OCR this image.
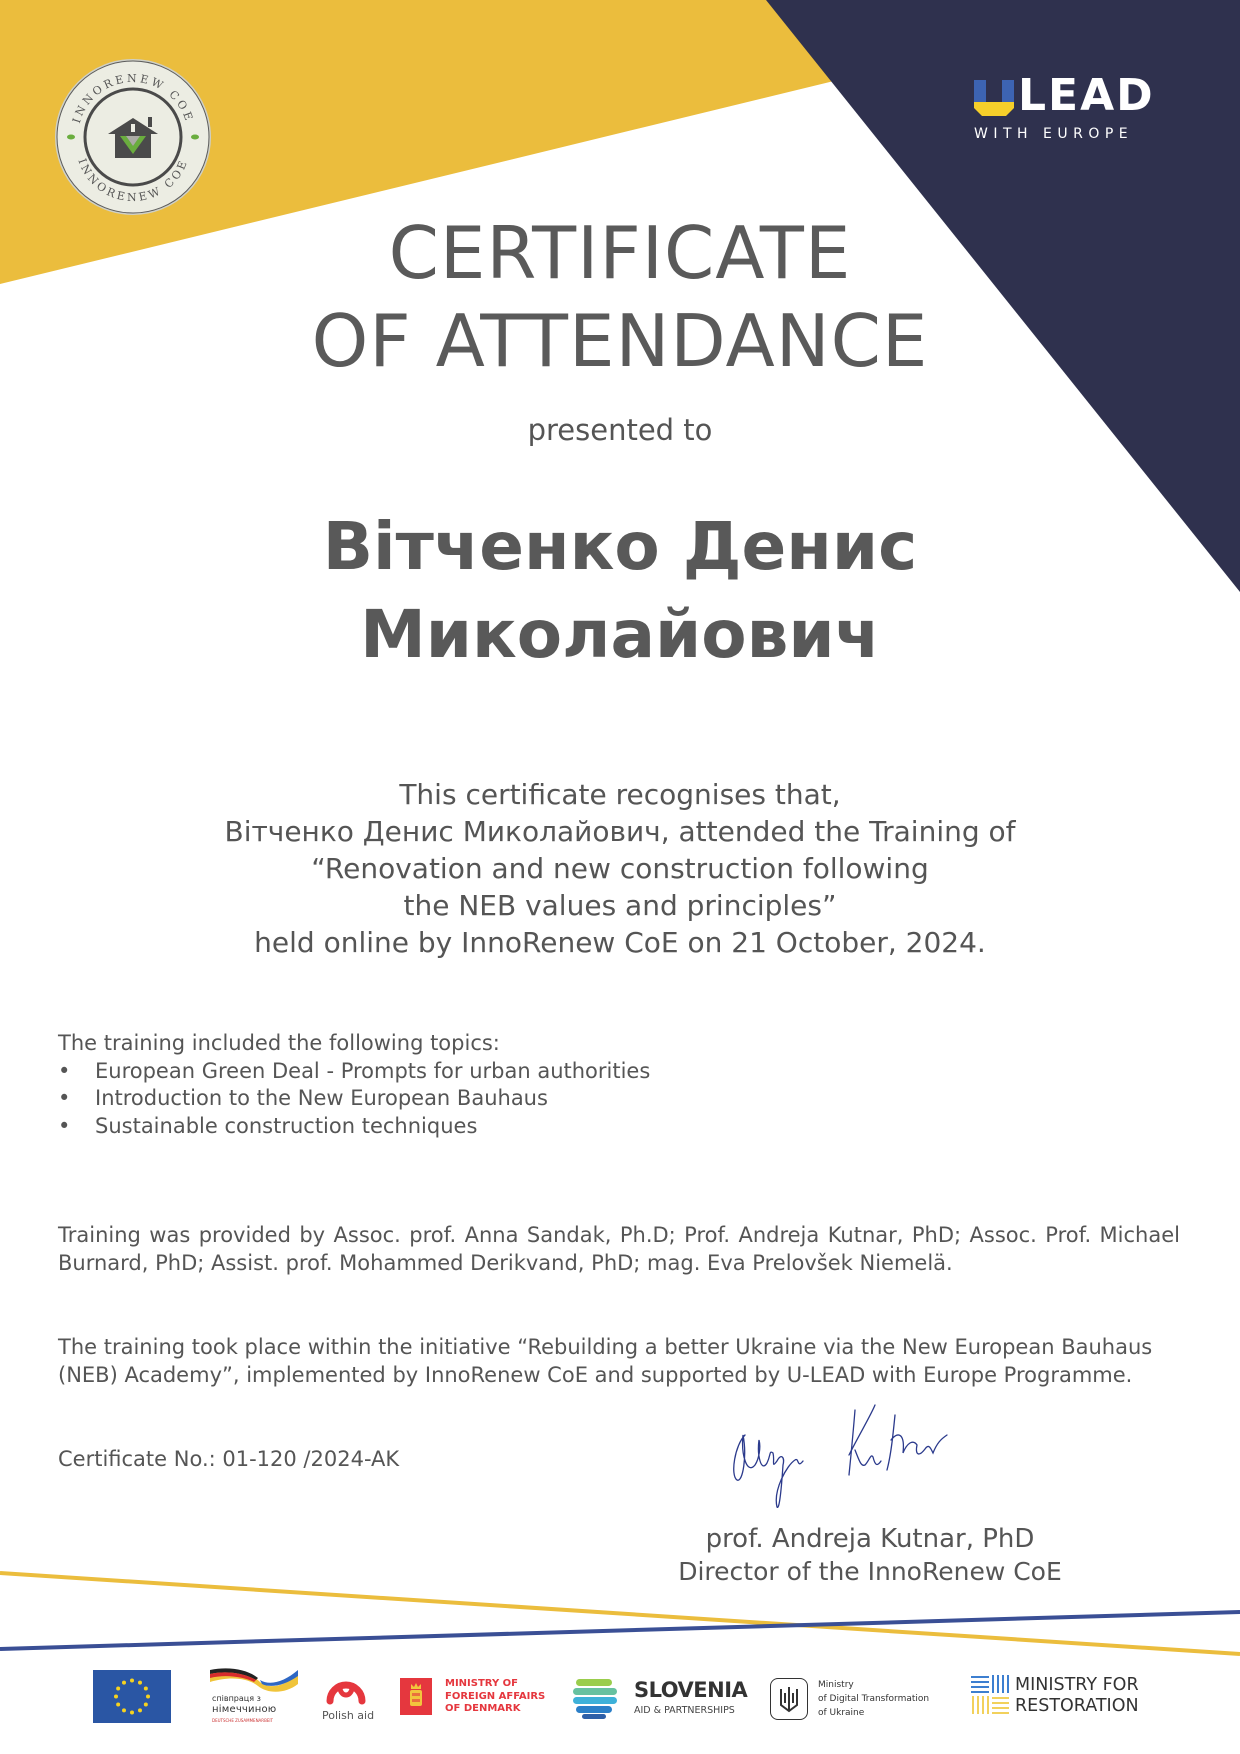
INNORENEW COE
INNORENEW COE
LEAD
WITH EUROPE
CERTIFICATE
OF ATTENDANCE
presented to
Вітченко Денис
Миколайович
This certificate recognises that,
Вітченко Денис Миколайович, attended the Training of
“Renovation and new construction following
the NEB values and principles”
held online by InnoRenew CoE on 21 October, 2024.
The training included the following topics:
•	European Green Deal - Prompts for urban authorities
•	Introduction to the New European Bauhaus
•	Sustainable construction techniques
Training was provided by Assoc. prof. Anna Sandak, Ph.D; Prof. Andreja Kutnar, PhD; Assoc. Prof. Michael Burnard, PhD; Assist. prof. Mohammed Derikvand, PhD; mag. Eva Prelovšek Niemelä.
The training took place within the initiative “Rebuilding a better Ukraine via the New European Bauhaus (NEB) Academy”, implemented by InnoRenew CoE and supported by U-LEAD with Europe Programme.
Certificate No.: 01-120 /2024-AK
prof. Andreja Kutnar, PhD
Director of the InnoRenew CoE
співпраця з
німеччиною
DEUTSCHE ZUSAMMENARBEIT	Polish aid
MINISTRY OF
FOREIGN AFFAIRS
OF DENMARK
SLOVENIA
AID & PARTNERSHIPS
Ministry
of Digital Transformation
of Ukraine
MINISTRY FOR
RESTORATION
